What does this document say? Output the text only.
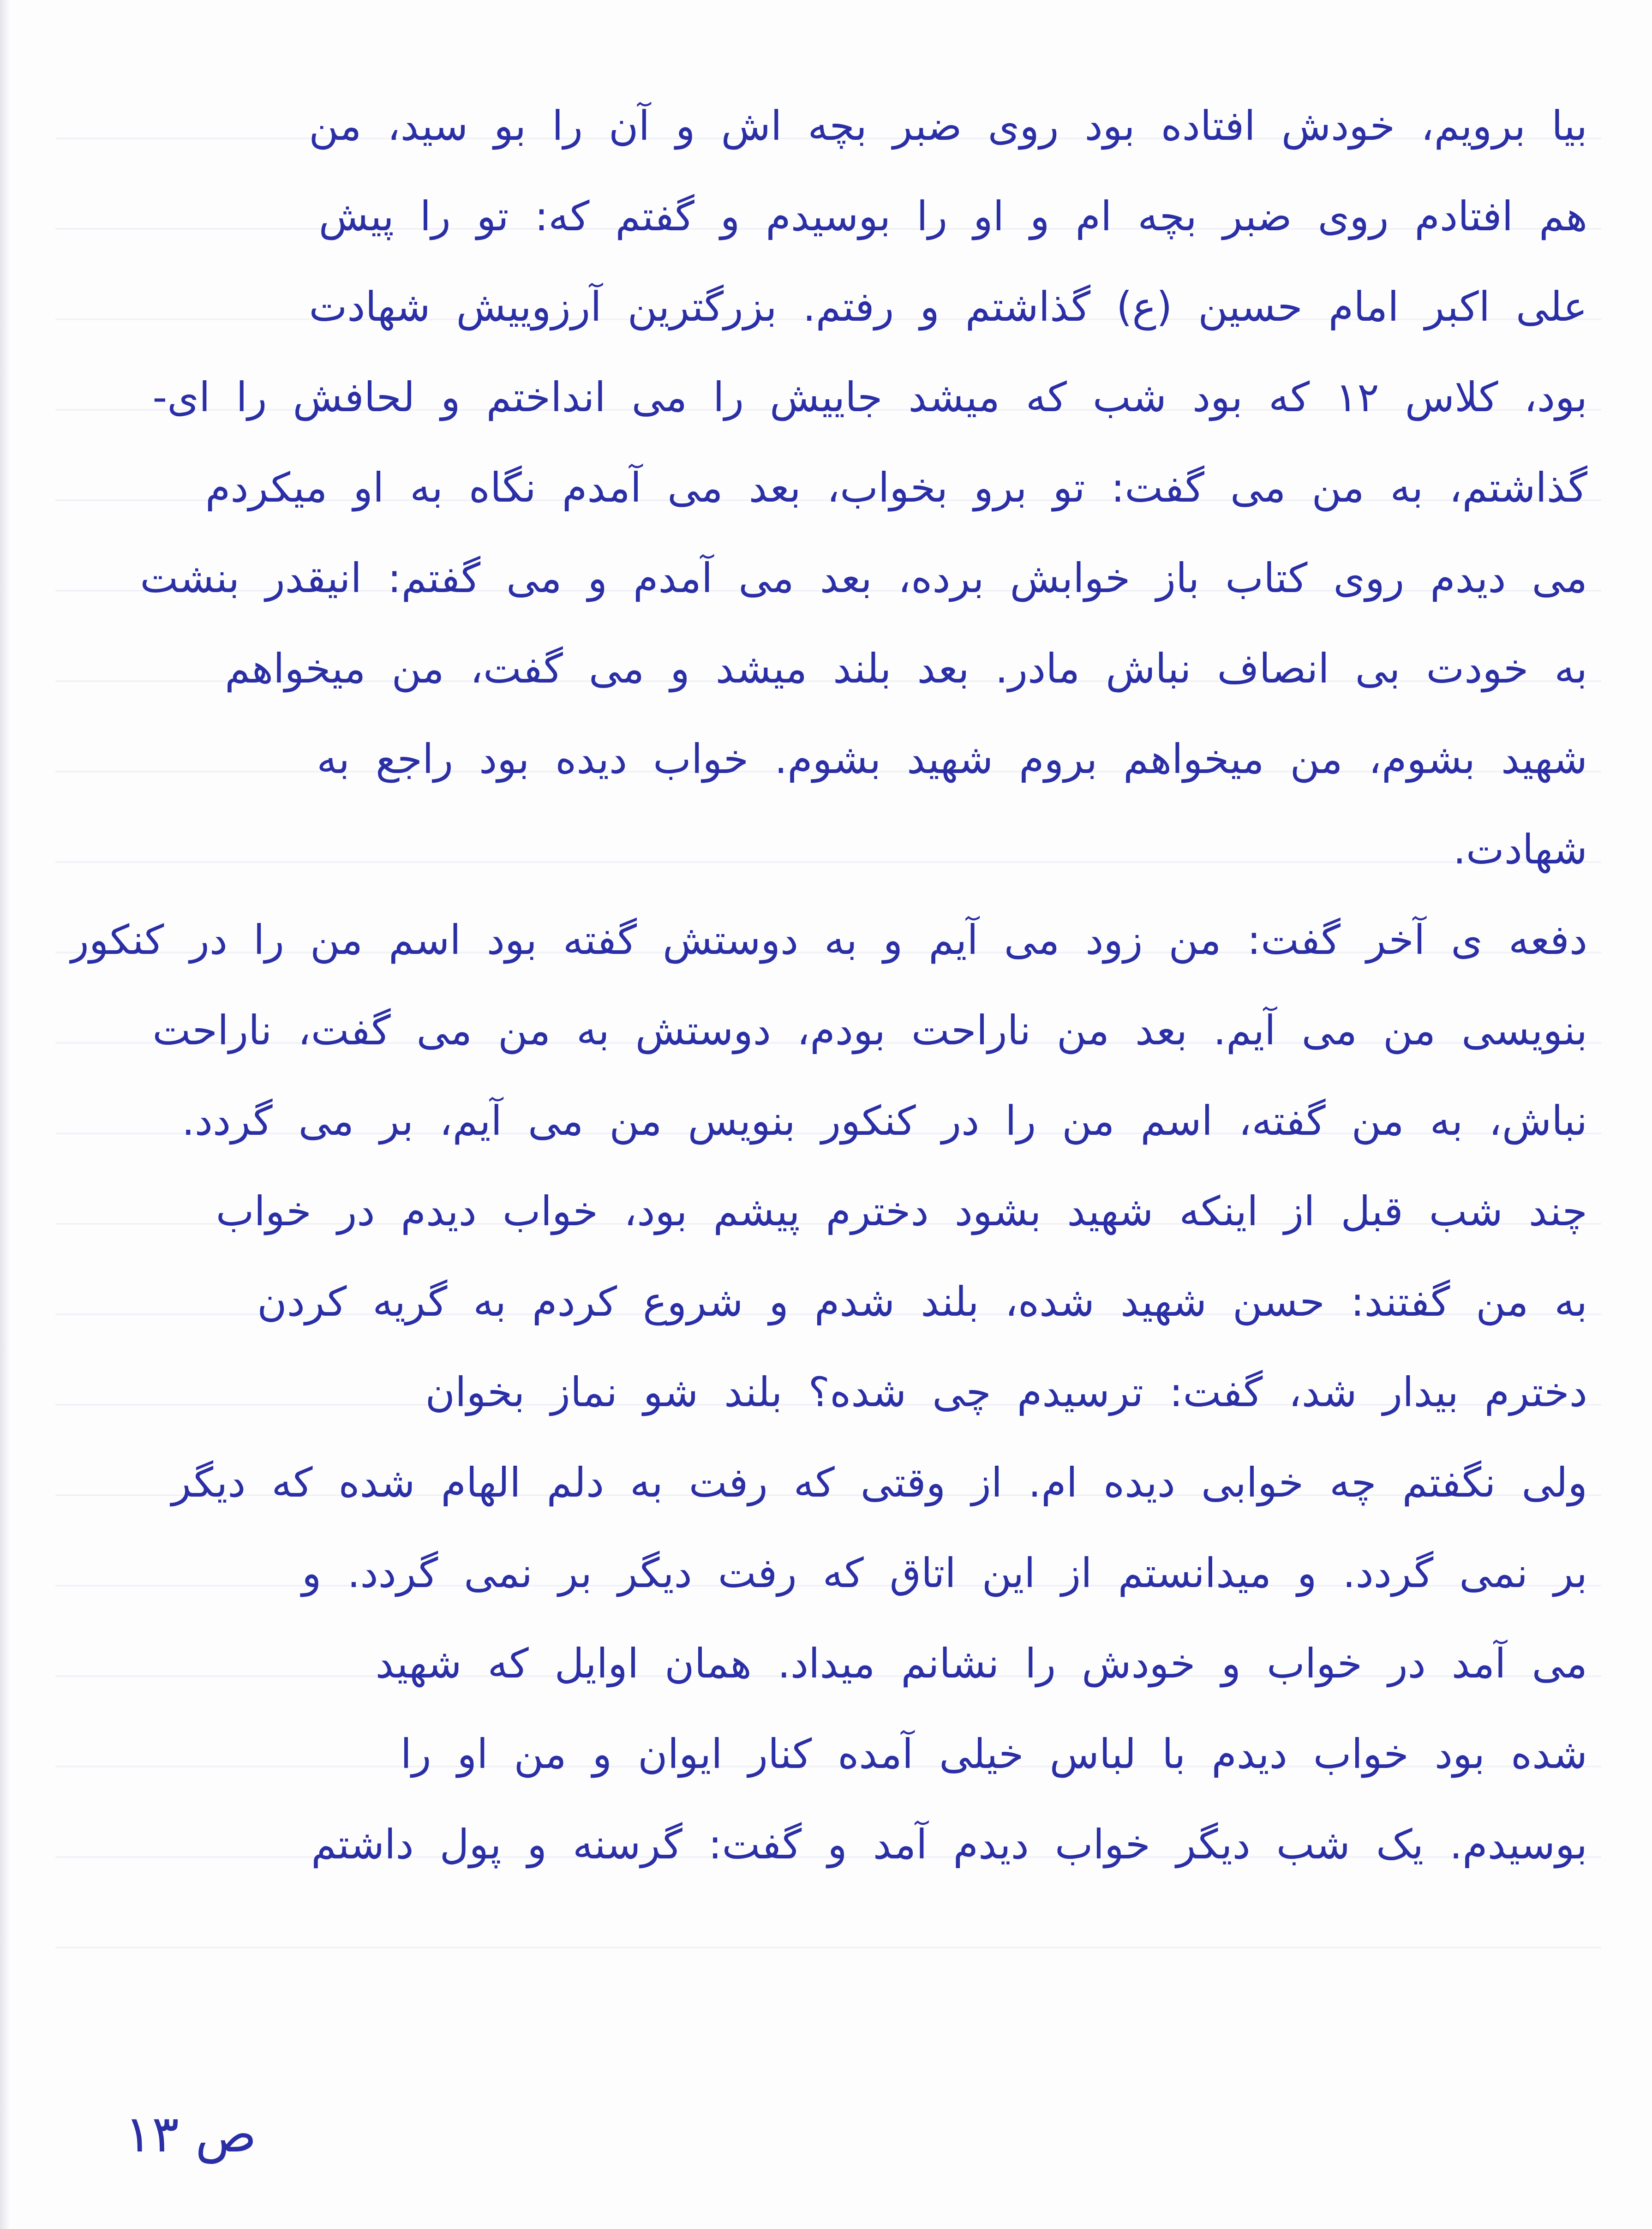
بیا برویم، خودش افتاده بود روی ضبر بچه اش و آن را بو سید، من
هم افتادم روی ضبر بچه ام و او را بوسیدم و گفتم که: تو را پیش
علی اکبر امام حسین (ع) گذاشتم و رفتم. بزرگترین آرزوییش شهادت
بود، کلاس ۱۲ که بود شب که میشد جاییش را می انداختم و لحافش را ای-
گذاشتم، به من می گفت: تو برو بخواب، بعد می آمدم نگاه به او میکردم
می دیدم روی کتاب باز خوابش برده، بعد می آمدم و می گفتم: انیقدر بنشت
به خودت بی انصاف نباش مادر. بعد بلند میشد و می گفت، من میخواهم
شهید بشوم، من میخواهم بروم شهید بشوم. خواب دیده بود راجع به
شهادت.
دفعه ی آخر گفت: من زود می آیم و به دوستش گفته بود اسم من را در کنکور
بنویسی من می آیم. بعد من ناراحت بودم، دوستش به من می گفت، ناراحت
نباش، به من گفته، اسم من را در کنکور بنویس من می آیم، بر می گردد.
چند شب قبل از اینکه شهید بشود دخترم پیشم بود، خواب دیدم در خواب
به من گفتند: حسن شهید شده، بلند شدم و شروع کردم به گریه کردن
دخترم بیدار شد، گفت: ترسیدم چی شده؟ بلند شو نماز بخوان
ولی نگفتم چه خوابی دیده ام. از وقتی که رفت به دلم الهام شده که دیگر
بر نمی گردد. و میدانستم از این اتاق که رفت دیگر بر نمی گردد. و
می آمد در خواب و خودش را نشانم میداد. همان اوایل که شهید
شده بود خواب دیدم با لباس خیلی آمده کنار ایوان و من او را
بوسیدم. یک شب دیگر خواب دیدم آمد و گفت: گرسنه و پول داشتم
ص ۱۳
